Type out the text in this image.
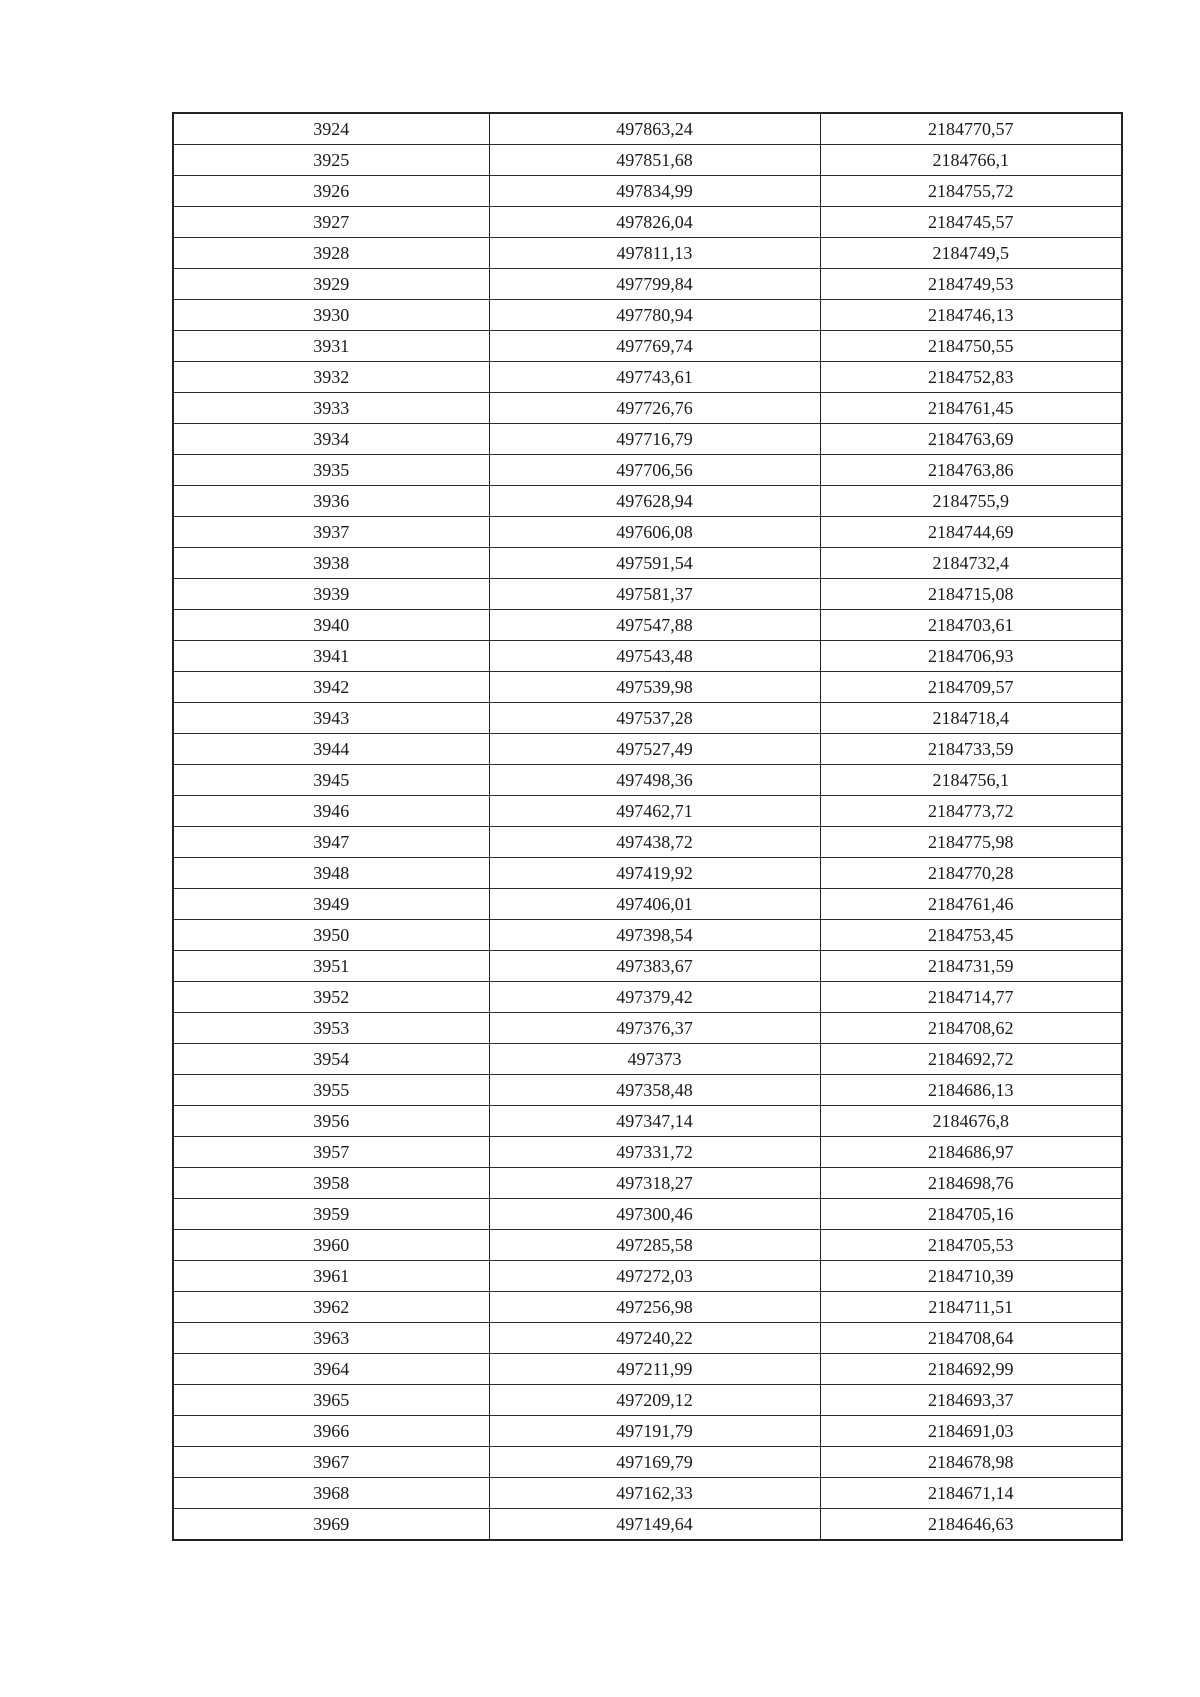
3924	497863,24	2184770,57
3925	497851,68	2184766,1
3926	497834,99	2184755,72
3927	497826,04	2184745,57
3928	497811,13	2184749,5
3929	497799,84	2184749,53
3930	497780,94	2184746,13
3931	497769,74	2184750,55
3932	497743,61	2184752,83
3933	497726,76	2184761,45
3934	497716,79	2184763,69
3935	497706,56	2184763,86
3936	497628,94	2184755,9
3937	497606,08	2184744,69
3938	497591,54	2184732,4
3939	497581,37	2184715,08
3940	497547,88	2184703,61
3941	497543,48	2184706,93
3942	497539,98	2184709,57
3943	497537,28	2184718,4
3944	497527,49	2184733,59
3945	497498,36	2184756,1
3946	497462,71	2184773,72
3947	497438,72	2184775,98
3948	497419,92	2184770,28
3949	497406,01	2184761,46
3950	497398,54	2184753,45
3951	497383,67	2184731,59
3952	497379,42	2184714,77
3953	497376,37	2184708,62
3954	497373	2184692,72
3955	497358,48	2184686,13
3956	497347,14	2184676,8
3957	497331,72	2184686,97
3958	497318,27	2184698,76
3959	497300,46	2184705,16
3960	497285,58	2184705,53
3961	497272,03	2184710,39
3962	497256,98	2184711,51
3963	497240,22	2184708,64
3964	497211,99	2184692,99
3965	497209,12	2184693,37
3966	497191,79	2184691,03
3967	497169,79	2184678,98
3968	497162,33	2184671,14
3969	497149,64	2184646,63
